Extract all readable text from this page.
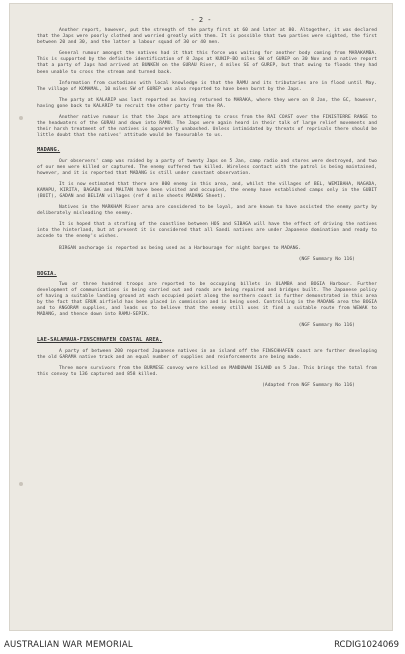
- 2 -

Another report, however, put the strength of the party first at 60 and later at 80. Altogether, it was declared that the Japs were poorly clothed and worried greatly with them. It is possible that two parties were sighted, the first between 20 and 30, and the latter a labour squad of 30 or 40 men.

General rumour amongst the natives had it that this force was waiting for another body coming from MARAKAMBA. This is supported by the definite identification of 8 Japs at KUNIP-BO miles SW of GUREP on 30 Nov and a native report that a party of Japs had arrived at BUNKEN on the GURAU River, 4 miles SE of GUREP, but that owing to floods they had been unable to cross the stream and turned back.

Information from custodians with local knowledge is that the RAMU and its tributaries are in flood until May. The village of KOMAMAL, 10 miles SW of GUREP was also reported to have been burnt by the Japs.

The party at KALARIP was last reported as having returned to MARAKA, where they were on 8 Jan, the GC, however, having gone back to KALARIP to recruit the other party from the RA.

Another native rumour is that the Japs are attempting to cross from the RAI COAST over the FINISTERRE RANGE to the headwaters of the GURAU and down into RAMU. The Japs were again heard in their talk of large relief movements and their harsh treatment of the natives is apparently unabashed. Unless intimidated by threats of reprisals there should be little doubt that the natives' attitude would be favourable to us.

MADANG.

Our observers' camp was raided by a party of twenty Japs on 5 Jan, camp radio and stores were destroyed, and two of our men were killed or captured. The enemy suffered two killed. Wireless contact with the patrol is being maintained, however, and it is reported that MADANG is still under constant observation.

It is now estimated that there are 800 enemy in this area, and, whilst the villages of BEL, WEMIBAHA, NAGADA, KAMAPU, KIRITA, BAGADA and MALTAN have been visited and occupied, the enemy have established camps only in the GUBIT (BUIT), GADAN and BELIAN villages (ref 4 mile sheets MADANG Sheet).

Natives in the MARKHAM River area are considered to be loyal, and are known to have assisted the enemy party by deliberately misleading the enemy.

It is hoped that a strafing of the coastline between HOS and SIBAGA will have the effect of driving the natives into the hinterland, but at present it is considered that all Sandi natives are under Japanese domination and ready to accede to the enemy's wishes.

BIRGAN anchorage is reported as being used as a Harbourage for night barges to MADANG.

(NGF Summary No 116)
BOGIA.

Two or three hundred troops are reported to be occupying billets in ULAMBA and BOGIA Harbour. Further development of communications is being carried out and roads are being repaired and bridges built. The Japanese policy of having a suitable landing ground at each occupied point along the northern coast is further demonstrated in this area by the fact that ERUK airfield has been placed in commission and is being used. Controlling in the MADANG area the BOGIA and to ANGORAM supplies, and leads us to believe that the enemy still uses it find a suitable route from WEWAK to MADANG, and thence down into RAMU-SEPIK.

(NGF Summary No 116)
LAE-SALAMAUA-FINSCHHAFEN COASTAL AREA.

A party of between 200 reported Japanese natives in an island off the FINSCHHAFEN coast are further developing the old GARAMA native track and an equal number of supplies and reinforcements are being made.

Three more survivors from the BURMESE convoy were killed on MANDUWAN ISLAND on 5 Jan. This brings the total from this convoy to 136 captured and 858 killed.

(Adapted from NGF Summary No 116)
AUSTRALIAN WAR MEMORIAL	RCDIG1024069
